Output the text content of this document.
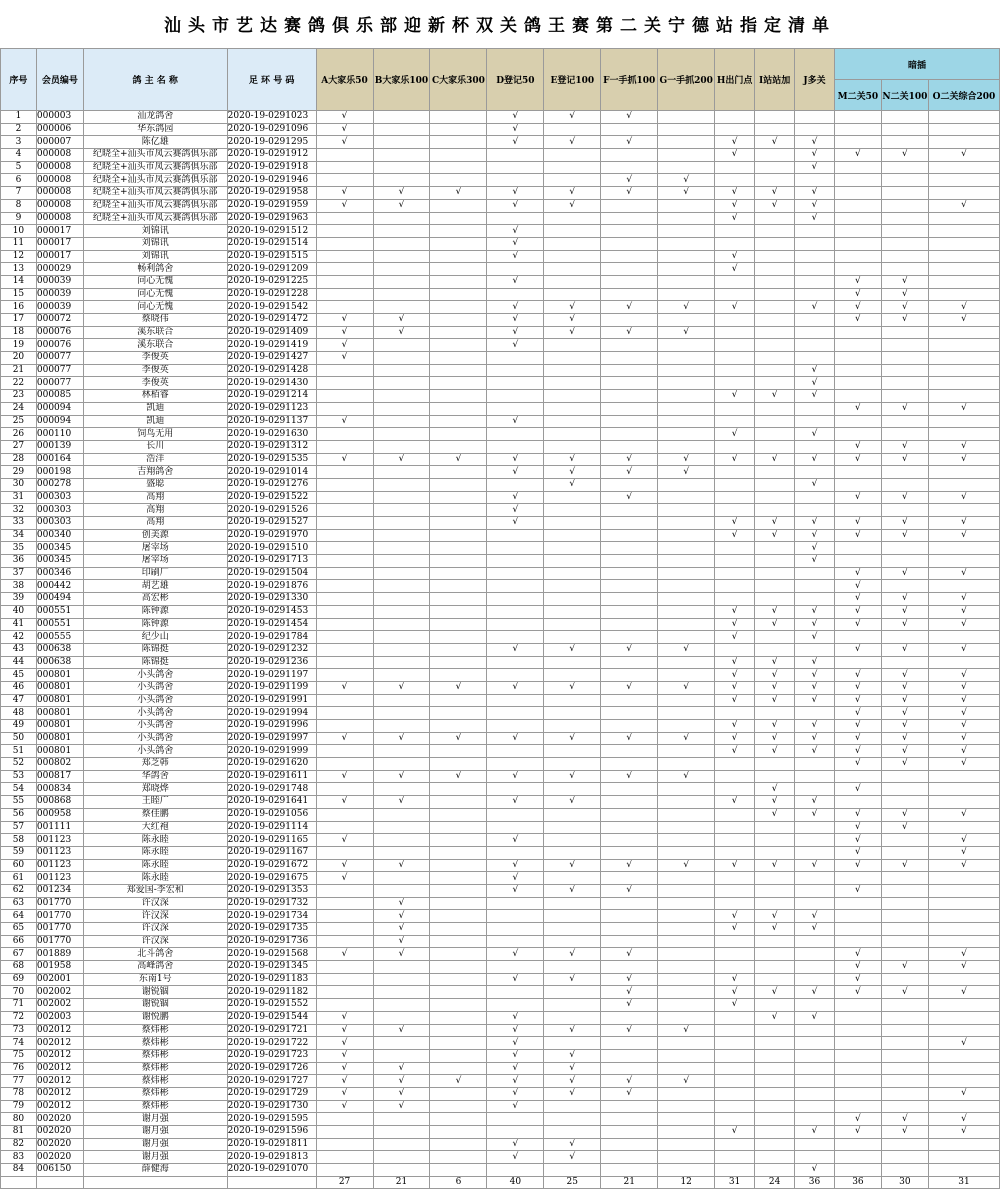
汕头市艺达赛鸽俱乐部迎新杯双关鸽王赛第二关宁德站指定清单
序号	会员编号	鸽 主 名 称	足 环 号 码	A大家乐50	B大家乐100	C大家乐300	D登记50	E登记100	F一手抓100	G一手抓200	H出门点	I站站加	J多关	暗插		
														M二关50	N二关100	O二关综合200
1	000003	汕龙鸽舍	2020-19-0291023	√			√	√	√							
2	000006	华东鸽园	2020-19-0291096	√			√									
3	000007	陈亿雄	2020-19-0291295	√			√	√	√		√	√	√			
4	000008	纪晓全+汕头市凤云赛鸽俱乐部	2020-19-0291912								√		√	√	√	√
5	000008	纪晓全+汕头市凤云赛鸽俱乐部	2020-19-0291918										√			
6	000008	纪晓全+汕头市凤云赛鸽俱乐部	2020-19-0291946						√	√						
7	000008	纪晓全+汕头市凤云赛鸽俱乐部	2020-19-0291958	√	√	√	√	√	√	√	√	√	√			
8	000008	纪晓全+汕头市凤云赛鸽俱乐部	2020-19-0291959	√	√		√	√			√	√	√			√
9	000008	纪晓全+汕头市凤云赛鸽俱乐部	2020-19-0291963								√		√			
10	000017	刘锦讯	2020-19-0291512				√									
11	000017	刘锦讯	2020-19-0291514				√									
12	000017	刘锦讯	2020-19-0291515				√				√					
13	000029	畅利鸽舍	2020-19-0291209								√					
14	000039	问心无愧	2020-19-0291225				√							√	√	
15	000039	问心无愧	2020-19-0291228											√	√	
16	000039	问心无愧	2020-19-0291542				√	√	√	√	√		√	√	√	√
17	000072	蔡晓伟	2020-19-0291472	√	√		√	√						√	√	√
18	000076	溪东联合	2020-19-0291409	√	√		√	√	√	√						
19	000076	溪东联合	2020-19-0291419	√			√									
20	000077	李俊英	2020-19-0291427	√												
21	000077	李俊英	2020-19-0291428										√			
22	000077	李俊英	2020-19-0291430										√			
23	000085	林栢睿	2020-19-0291214								√	√	√			
24	000094	凯迪	2020-19-0291123											√	√	√
25	000094	凯迪	2020-19-0291137	√			√									
26	000110	饲鸟无用	2020-19-0291630								√		√			
27	000139	长川	2020-19-0291312											√	√	√
28	000164	浩洋	2020-19-0291535	√	√	√	√	√	√	√	√	√	√	√	√	√
29	000198	吉翔鸽舍	2020-19-0291014				√	√	√	√						
30	000278	盛聪	2020-19-0291276					√					√			
31	000303	高翔	2020-19-0291522				√		√					√	√	√
32	000303	高翔	2020-19-0291526				√									
33	000303	高翔	2020-19-0291527				√				√	√	√	√	√	√
34	000340	创美源	2020-19-0291970								√	√	√	√	√	√
35	000345	屠宰场	2020-19-0291510										√			
36	000345	屠宰场	2020-19-0291713										√			
37	000346	印刷厂	2020-19-0291504											√	√	√
38	000442	胡艺雄	2020-19-0291876											√		
39	000494	高宏彬	2020-19-0291330											√	√	√
40	000551	陈钟源	2020-19-0291453								√	√	√	√	√	√
41	000551	陈钟源	2020-19-0291454								√	√	√	√	√	√
42	000555	纪少山	2020-19-0291784								√		√			
43	000638	陈锦挺	2020-19-0291232				√	√	√	√				√	√	√
44	000638	陈锦挺	2020-19-0291236								√	√	√			
45	000801	小头鸽舍	2020-19-0291197								√	√	√	√	√	√
46	000801	小头鸽舍	2020-19-0291199	√	√	√	√	√	√	√	√	√	√	√	√	√
47	000801	小头鸽舍	2020-19-0291991								√	√	√	√	√	√
48	000801	小头鸽舍	2020-19-0291994											√	√	√
49	000801	小头鸽舍	2020-19-0291996								√	√	√	√	√	√
50	000801	小头鸽舍	2020-19-0291997	√	√	√	√	√	√	√	√	√	√	√	√	√
51	000801	小头鸽舍	2020-19-0291999								√	√	√	√	√	√
52	000802	郑芝韩	2020-19-0291620											√	√	√
53	000817	华鸽舍	2020-19-0291611	√	√	√	√	√	√	√						
54	000834	郑晓烨	2020-19-0291748									√		√		
55	000868	王睦广	2020-19-0291641	√	√		√	√			√	√	√			
56	000958	蔡佳鹏	2020-19-0291056									√	√	√	√	√
57	001111	大红袍	2020-19-0291114											√	√	
58	001123	陈永睦	2020-19-0291165	√			√							√		√
59	001123	陈永睦	2020-19-0291167											√		√
60	001123	陈永睦	2020-19-0291672	√	√		√	√	√	√	√	√	√	√	√	√
61	001123	陈永睦	2020-19-0291675	√			√									
62	001234	郑爱国-李宏和	2020-19-0291353				√	√	√					√		
63	001770	许汉深	2020-19-0291732		√											
64	001770	许汉深	2020-19-0291734		√						√	√	√			
65	001770	许汉深	2020-19-0291735		√						√	√	√			
66	001770	许汉深	2020-19-0291736		√											
67	001889	北斗鸽舍	2020-19-0291568	√	√		√	√	√					√		√
68	001958	高峰鸽舍	2020-19-0291345											√	√	√
69	002001	东南1号	2020-19-0291183				√	√	√		√			√		
70	002002	谢锐锢	2020-19-0291182						√		√	√	√	√	√	√
71	002002	谢锐锢	2020-19-0291552						√		√					
72	002003	谢悦鹏	2020-19-0291544	√			√					√	√			
73	002012	蔡炜彬	2020-19-0291721	√	√		√	√	√	√						
74	002012	蔡炜彬	2020-19-0291722	√			√									√
75	002012	蔡炜彬	2020-19-0291723	√			√	√								
76	002012	蔡炜彬	2020-19-0291726	√	√		√	√								
77	002012	蔡炜彬	2020-19-0291727	√	√	√	√	√	√	√						
78	002012	蔡炜彬	2020-19-0291729	√	√		√	√	√							√
79	002012	蔡炜彬	2020-19-0291730	√	√		√									
80	002020	谢月强	2020-19-0291595											√	√	√
81	002020	谢月强	2020-19-0291596								√		√	√	√	√
82	002020	谢月强	2020-19-0291811				√	√								
83	002020	谢月强	2020-19-0291813				√	√								
84	006150	薛健海	2020-19-0291070										√			
				27	21	6	40	25	21	12	31	24	36	36	30	31
